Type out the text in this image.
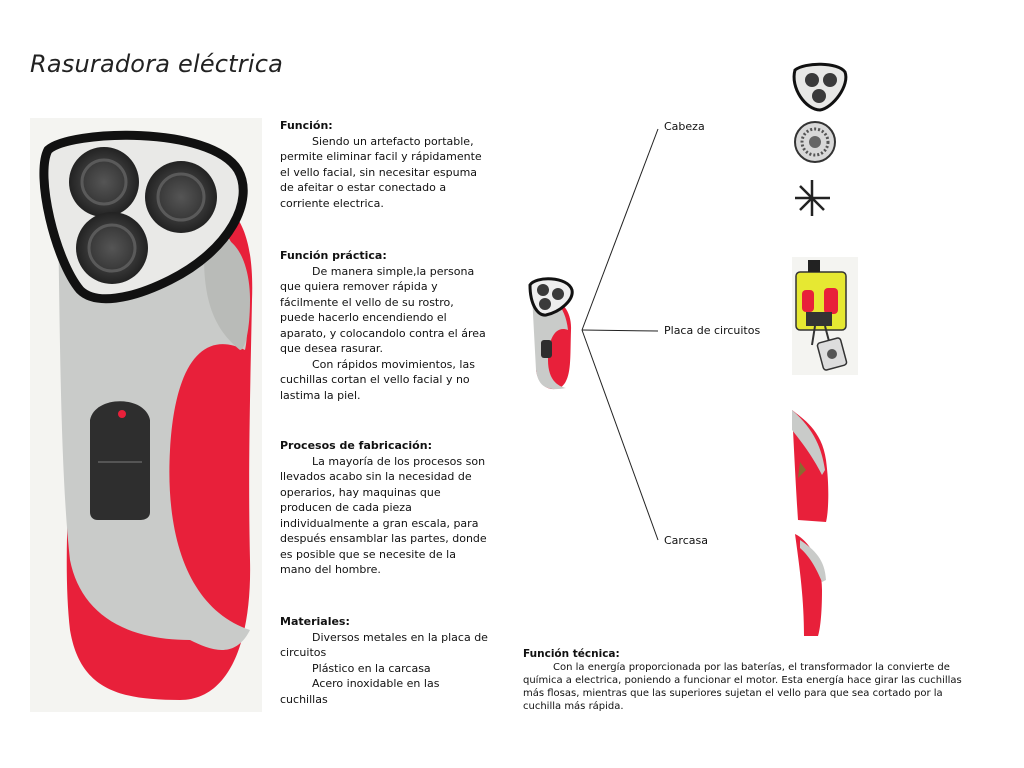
Rasuradora eléctrica
Función:

Siendo un artefacto portable, permite eliminar facil y rápidamente el vello facial, sin necesitar espuma de afeitar o estar conectado a corriente electrica.

Función práctica:

De manera simple,la persona que quiera remover rápida y fácilmente el vello de su rostro, puede hacerlo encendiendo el aparato, y colocandolo contra el área que desea rasurar.

Con rápidos movimientos, las cuchillas cortan el vello facial y no lastima la piel.

Procesos de fabricación:

La mayoría de los procesos son llevados acabo sin la necesidad de operarios, hay maquinas que producen de cada pieza individualmente a gran escala, para después ensamblar las partes, donde es posible que se necesite de la mano del hombre.

Materiales:

Diversos metales en la placa de circuitos

Plástico en la carcasa

Acero inoxidable en las cuchillas

Cabeza
Placa de circuitos
Carcasa
Función técnica:

Con la energía proporcionada por las baterías, el transformador la convierte de química a electrica, poniendo a funcionar el motor. Esta energía hace girar las cuchillas más flosas, mientras que las superiores sujetan el vello para que sea cortado por la cuchilla más rápida.
